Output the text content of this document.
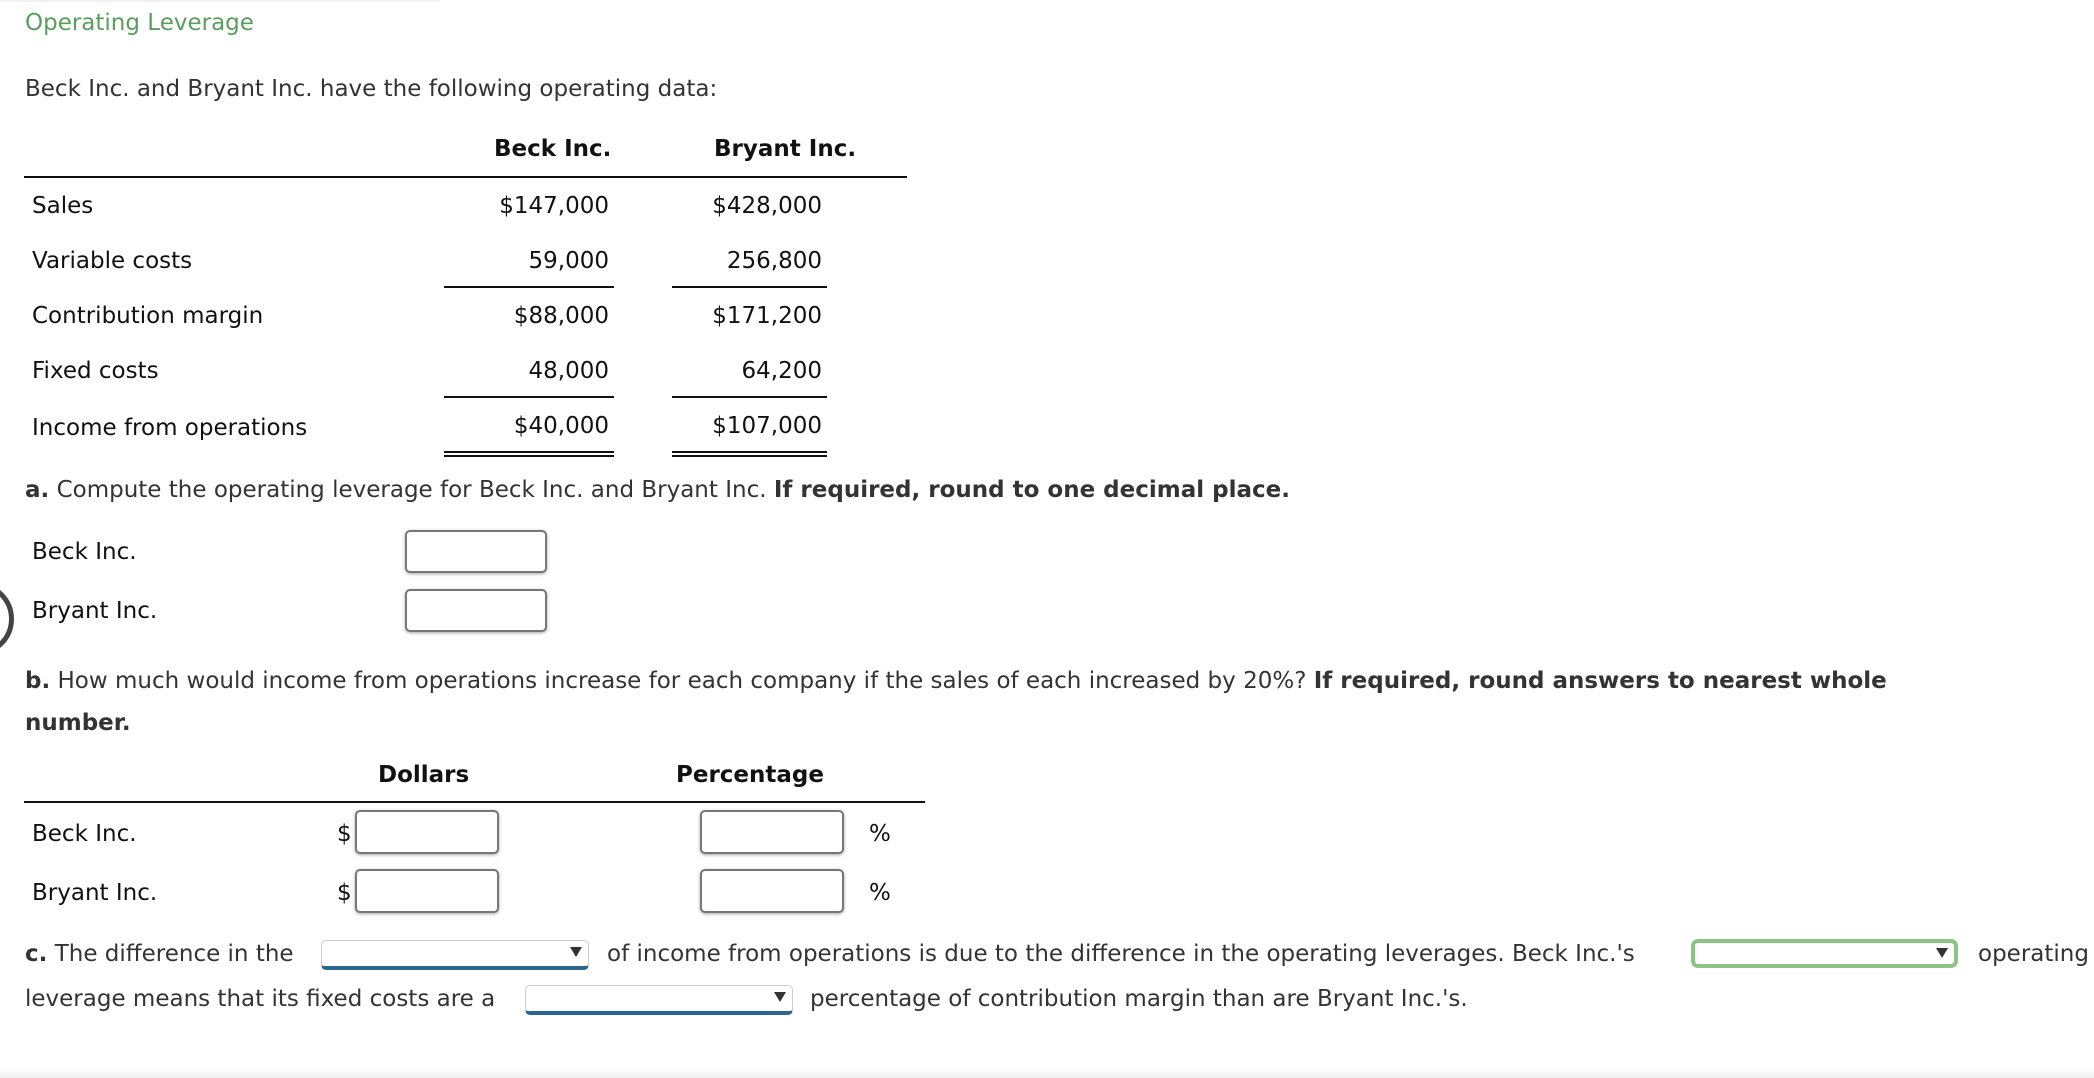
Operating Leverage
Beck Inc. and Bryant Inc. have the following operating data:
Beck Inc.	Bryant Inc.
Sales	$147,000	$428,000
Variable costs	59,000	256,800
Contribution margin	$88,000	$171,200
Fixed costs	48,000	64,200
Income from operations	$40,000	$107,000
a. Compute the operating leverage for Beck Inc. and Bryant Inc. If required, round to one decimal place.
Beck Inc.
Bryant Inc.
b. How much would income from operations increase for each company if the sales of each increased by 20%? If required, round answers to nearest whole
number.
Dollars	Percentage
Beck Inc.	$	%
Bryant Inc.	$	%
c. The difference in the	of income from operations is due to the difference in the operating leverages. Beck Inc.'s	operating
leverage means that its fixed costs are a	percentage of contribution margin than are Bryant Inc.'s.
